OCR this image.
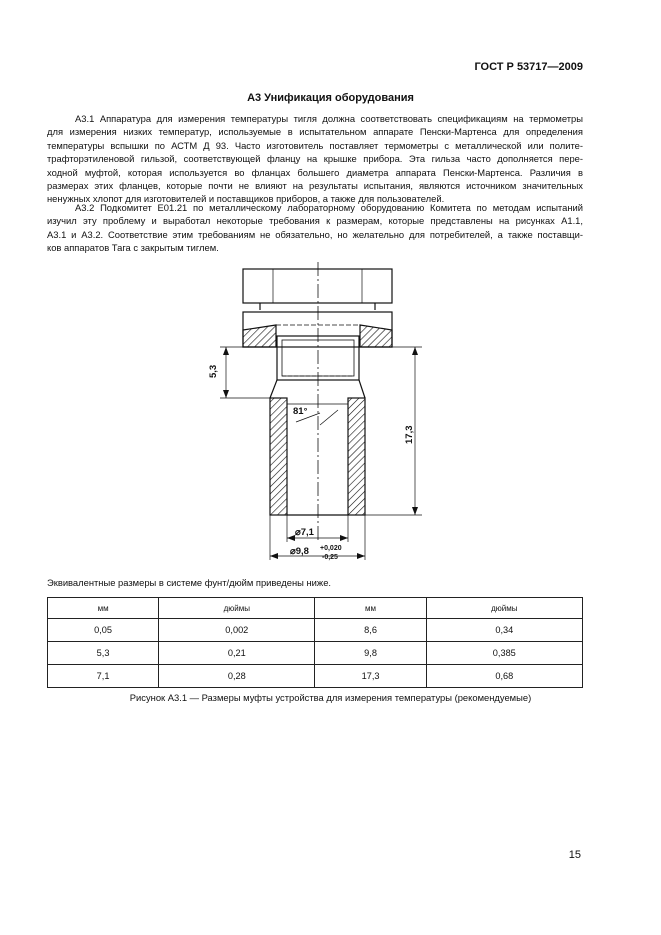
ГОСТ Р 53717—2009
А3 Унификация оборудования

А3.1 Аппаратура для измерения температуры тигля должна соответствовать спецификациям на термометры
для измерения низких температур, используемые в испытательном аппарате Пенски-Мартенса для определения
температуры вспышки по АСТМ Д 93. Часто изготовитель поставляет термометры с металлической или полите-
трафторэтиленовой гильзой, соответствующей фланцу на крышке прибора. Эта гильза часто дополняется пере-
ходной муфтой, которая используется во фланцах большего диаметра аппарата Пенски-Мартенса. Различия в
размерах этих фланцев, которые почти не влияют на результаты испытания, являются источником значительных
ненужных хлопот для изготовителей и поставщиков приборов, а также для пользователей.

А3.2 Подкомитет Е01.21 по металлическому лабораторному оборудованию Комитета по методам испытаний
изучил эту проблему и выработал некоторые требования к размерам, которые представлены на рисунках А1.1,
А3.1 и А3.2. Соответствие этим требованиям не обязательно, но желательно для потребителей, а также поставщи-
ков аппаратов Тага с закрытым тиглем.

5,3
17,3
81°
⌀7,1
⌀9,8 +0,020
-0,25
Эквивалентные размеры в системе фунт/дюйм приведены ниже.
мм	дюймы	мм	дюймы
0,05	0,002	8,6	0,34
5,3	0,21	9,8	0,385
7,1	0,28	17,3	0,68
Рисунок А3.1 — Размеры муфты устройства для измерения температуры (рекомендуемые)
15
